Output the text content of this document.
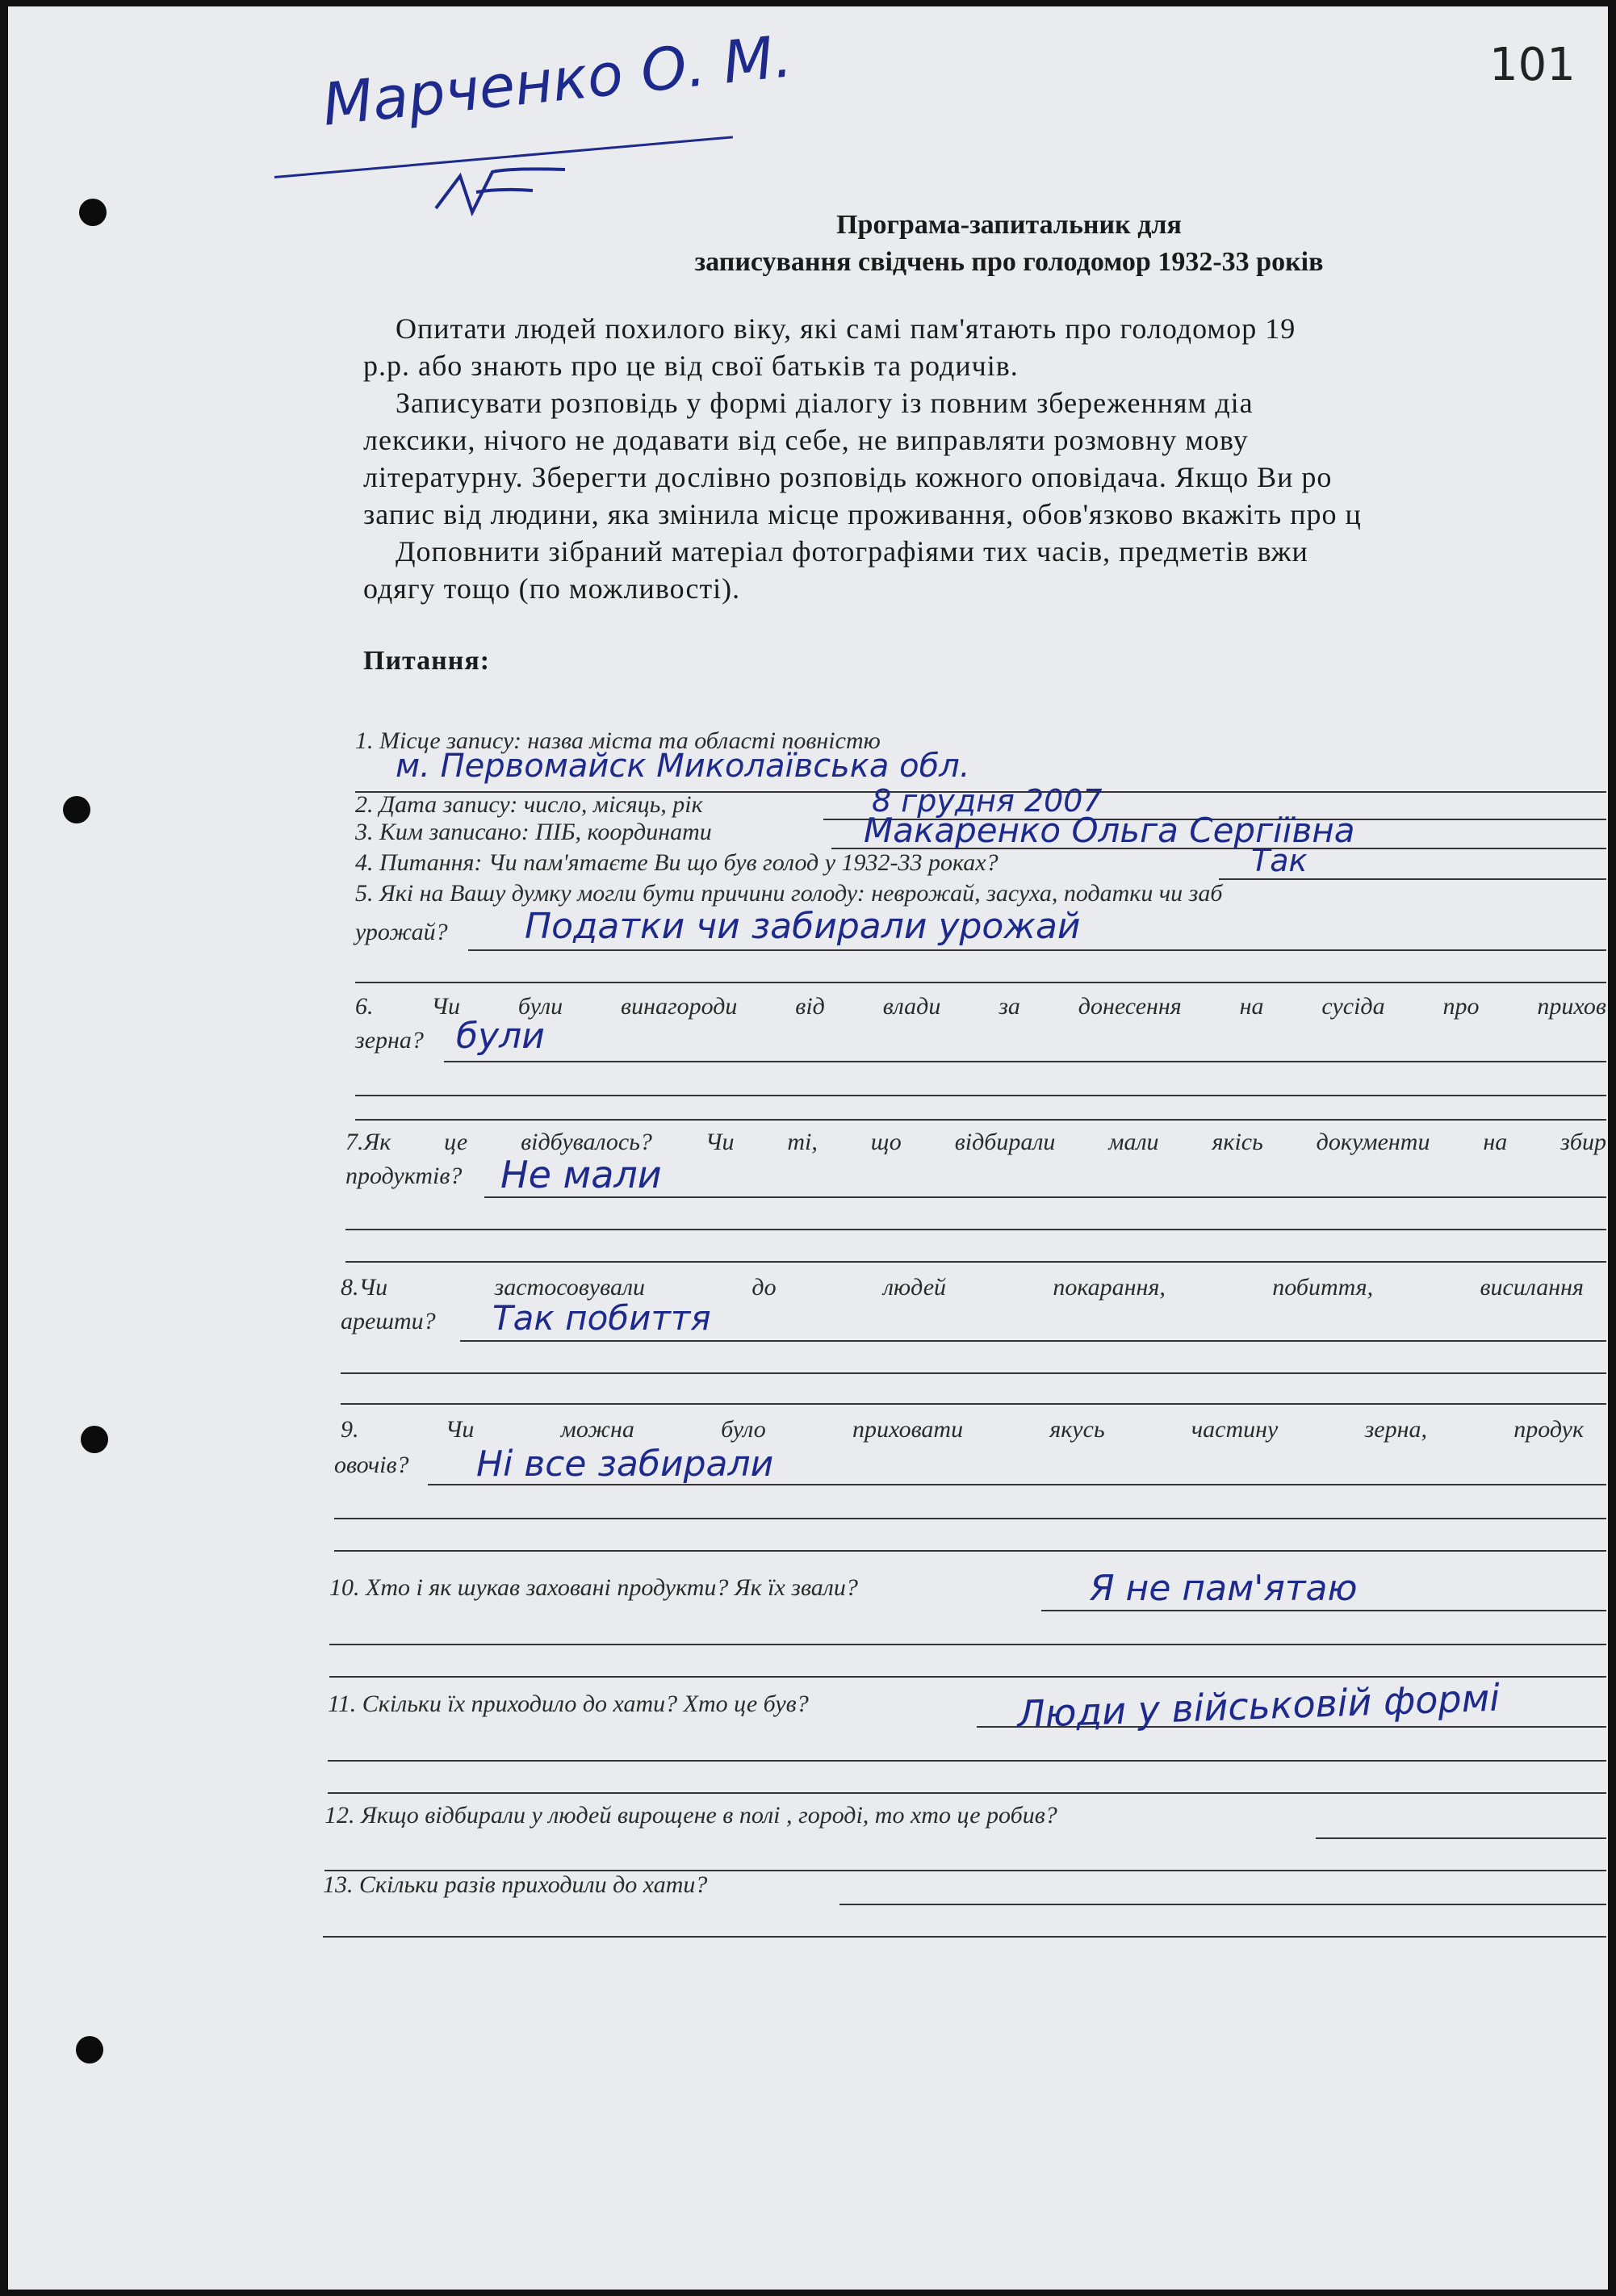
101
Марченко О. М.
Програма-запитальник для
записування свідчень про голодомор 1932-33 років
Опитати людей похилого віку, які самі пам'ятають про голодомор 19
р.р. або знають про це від свої батьків та родичів.
Записувати розповідь у формі діалогу із повним збереженням діа
лексики, нічого не додавати від себе, не виправляти розмовну мову
літературну. Зберегти дослівно розповідь кожного оповідача. Якщо Ви ро
запис від людини, яка змінила місце проживання, обов'язково вкажіть про ц
Доповнити зібраний матеріал фотографіями тих часів, предметів вжи
одягу тощо (по можливості).
Питання:
1. Місце запису: назва міста та області повністю
м. Первомайск Миколаївська обл.
2. Дата запису: число, місяць, рік	8 грудня 2007
3. Ким записано: ПІБ, координати	Макаренко Ольга Сергіївна
4. Питання: Чи пам'ятаєте Ви що був голод у 1932-33 роках?	Так
5. Які на Вашу думку могли бути причини голоду: неврожай, засуха, податки чи заб
урожай? Податки чи забирали урожай
6. Чи були винагороди від влади за донесення на сусіда про прихов
зерна? були
7.Як це відбувалось? Чи ті, що відбирали мали якісь документи на збир
продуктів? Не мали
8.Чи	застосовували	до	людей	покарання,	побиття,	висилання
арешти? Так побиття
9.	Чи	можна	було	приховати	якусь	частину	зерна,	продук
овочів? Ні все забирали
10. Хто і як шукав заховані продукти? Як їх звали?	Я не пам'ятаю
11. Скільки їх приходило до хати? Хто це був?	Люди у військовій формі
12. Якщо відбирали у людей вирощене в полі , городі, то хто це робив?
13. Скільки разів приходили до хати?
